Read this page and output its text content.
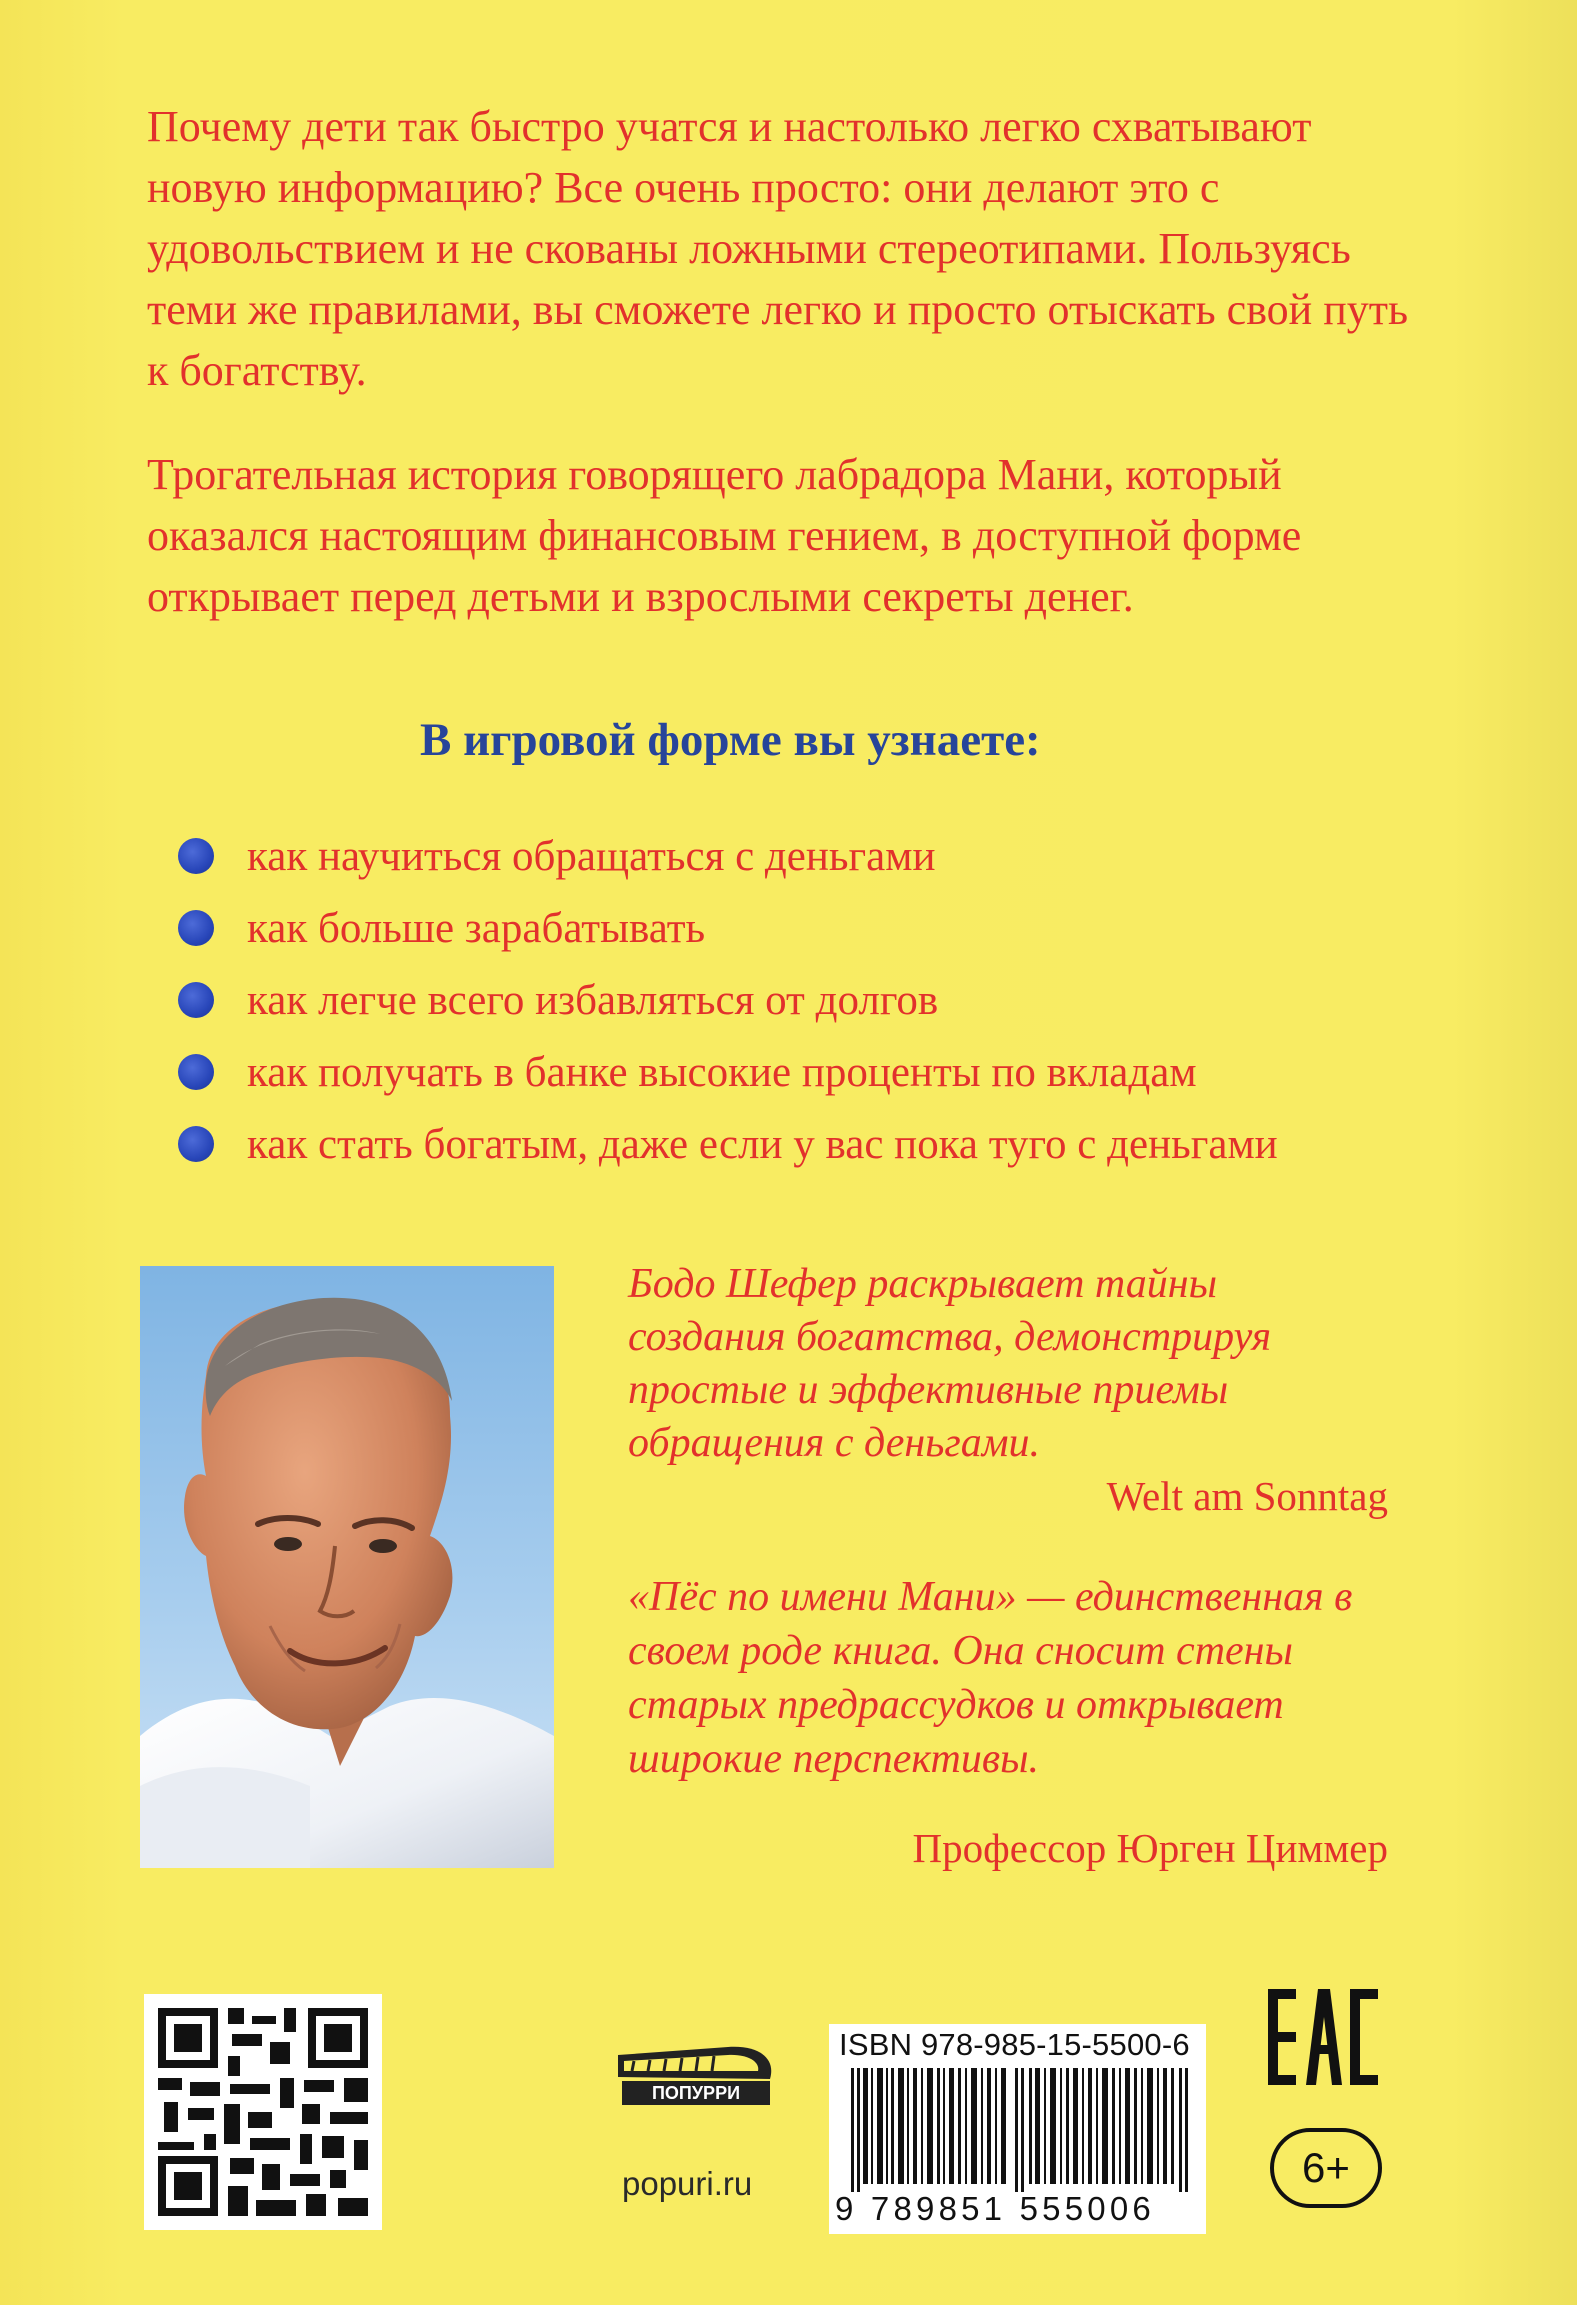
Почему дети так быстро учатся и настолько легко схватывают новую информацию? Все очень просто: они делают это с удовольствием и не скованы ложными стереотипами. Пользуясь теми же правилами, вы сможете легко и просто отыскать свой путь к богатству.

Трогательная история говорящего лабрадора Мани, который оказался настоящим финансовым гением, в доступной форме открывает перед детьми и взрослыми секреты денег.

В игровой форме вы узнаете:
как научиться обращаться с деньгами
как больше зарабатывать
как легче всего избавляться от долгов
как получать в банке высокие проценты по вкладам
как стать богатым, даже если у вас пока туго с деньгами
Бодо Шефер раскрывает тайны создания богатства, демонстрируя простые и эффективные приемы обращения с деньгами.
Welt am Sonntag
«Пёс по имени Мани» — единственная в своем роде книга. Она сносит стены старых предрассудков и открывает широкие перспективы.
Профессор Юрген Циммер
ПОПУРРИ
popuri.ru
ISBN 978-985-15-5500-6
9 789851 555006
6+
